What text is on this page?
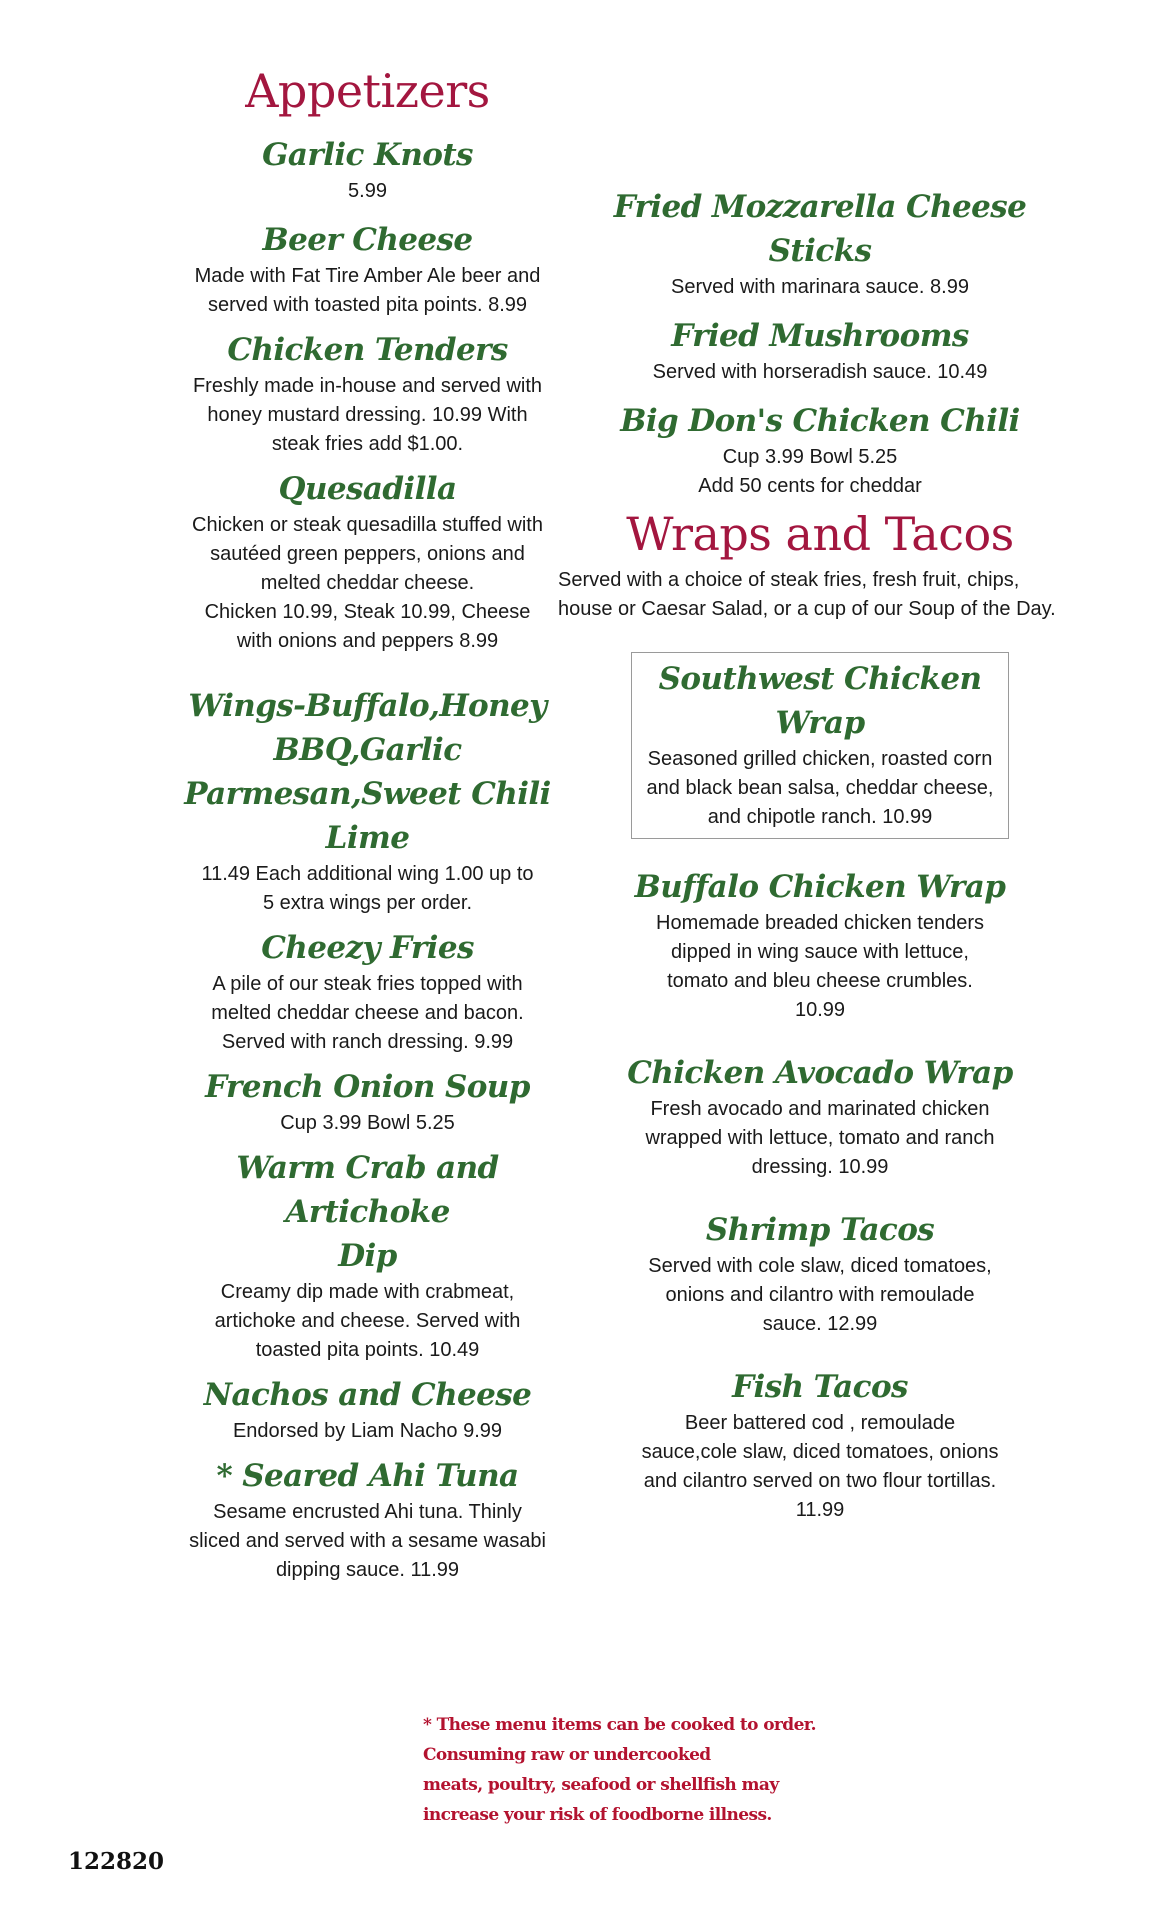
Appetizers
Garlic Knots

5.99

Beer Cheese

Made with Fat Tire Amber Ale beer and
served with toasted pita points. 8.99

Chicken Tenders

Freshly made in-house and served with
honey mustard dressing. 10.99 With
steak fries add $1.00.

Quesadilla

Chicken or steak quesadilla stuffed with
sautéed green peppers, onions and
melted cheddar cheese.
Chicken 10.99, Steak 10.99, Cheese
with onions and peppers 8.99

Wings-Buffalo,Honey
BBQ,Garlic
Parmesan,Sweet Chili Lime

11.49 Each additional wing 1.00 up to
5 extra wings per order.

Cheezy Fries

A pile of our steak fries topped with
melted cheddar cheese and bacon.
Served with ranch dressing. 9.99

French Onion Soup

Cup 3.99 Bowl 5.25

Warm Crab and Artichoke
Dip

Creamy dip made with crabmeat,
artichoke and cheese. Served with
toasted pita points. 10.49

Nachos and Cheese

Endorsed by Liam Nacho 9.99

* Seared Ahi Tuna

Sesame encrusted Ahi tuna. Thinly
sliced and served with a sesame wasabi
dipping sauce. 11.99

Fried Mozzarella Cheese
Sticks

Served with marinara sauce. 8.99

Fried Mushrooms

Served with horseradish sauce. 10.49

Big Don's Chicken Chili

Cup 3.99 Bowl 5.25
Add 50 cents for cheddar

Wraps and Tacos

Served with a choice of steak fries, fresh fruit, chips,
house or Caesar Salad, or a cup of our Soup of the Day.

Southwest Chicken Wrap

Seasoned grilled chicken, roasted corn
and black bean salsa, cheddar cheese,
and chipotle ranch. 10.99

Buffalo Chicken Wrap

Homemade breaded chicken tenders
dipped in wing sauce with lettuce,
tomato and bleu cheese crumbles.
10.99

Chicken Avocado Wrap

Fresh avocado and marinated chicken
wrapped with lettuce, tomato and ranch
dressing. 10.99

Shrimp Tacos

Served with cole slaw, diced tomatoes,
onions and cilantro with remoulade
sauce. 12.99

Fish Tacos

Beer battered cod , remoulade
sauce,cole slaw, diced tomatoes, onions
and cilantro served on two flour tortillas.
11.99

* These menu items can be cooked to order.
Consuming raw or undercooked
meats, poultry, seafood or shellfish may
increase your risk of foodborne illness.
122820
